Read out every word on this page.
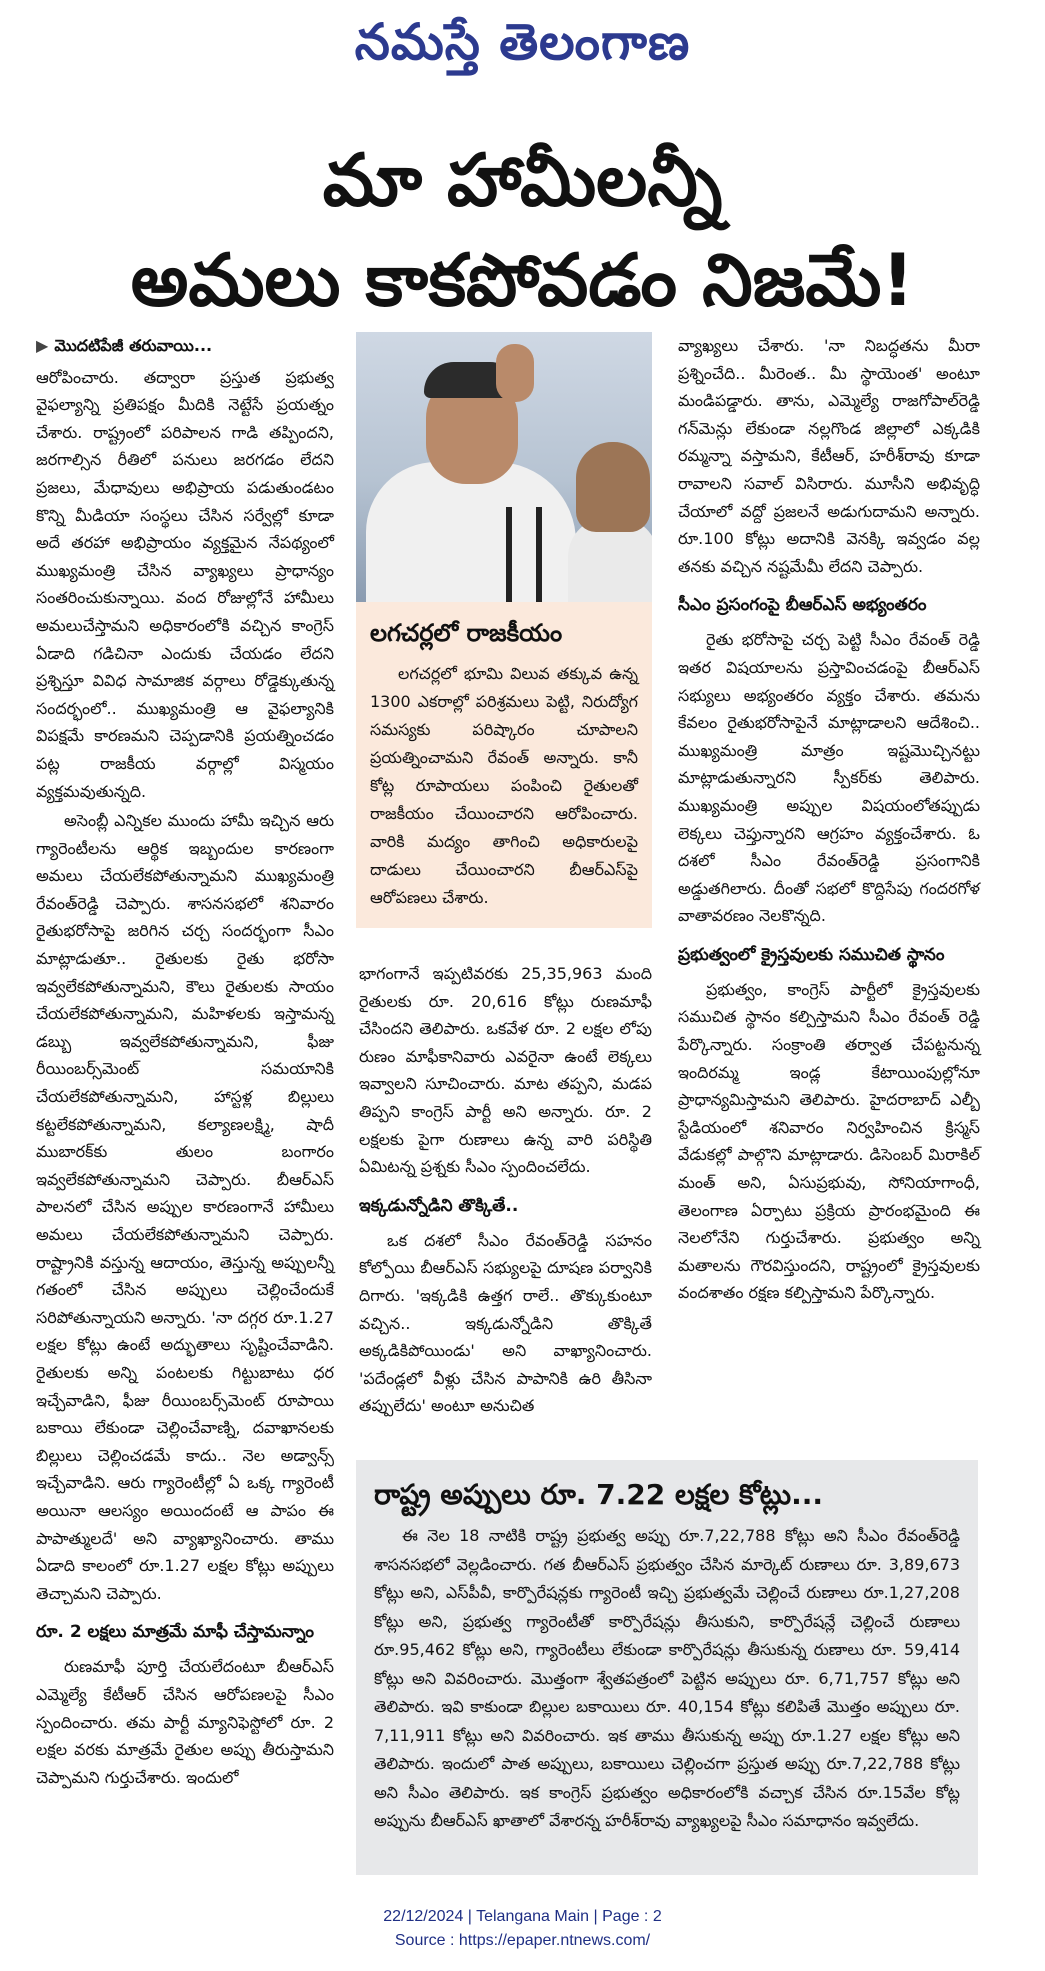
నమస్తే తెలంగాణ
మా హామీలన్నీ
అమలు కాకపోవడం నిజమే!
▶ మొదటిపేజీ తరువాయి...

ఆరోపించారు. తద్వారా ప్రస్తుత ప్రభుత్వ వైఫల్యాన్ని ప్రతిపక్షం మీదికి నెట్టేసే ప్రయత్నం చేశారు. రాష్ట్రంలో పరిపాలన గాడి తప్పిందని, జరగాల్సిన రీతిలో పనులు జరగడం లేదని ప్రజలు, మేధావులు అభిప్రాయ పడుతుండటం కొన్ని మీడియా సంస్థలు చేసిన సర్వేల్లో కూడా అదే తరహా అభిప్రాయం వ్యక్తమైన నేపథ్యంలో ముఖ్యమంత్రి చేసిన వ్యాఖ్యలు ప్రాధాన్యం సంతరించుకున్నాయి. వంద రోజుల్లోనే హామీలు అమలుచేస్తామని అధికారంలోకి వచ్చిన కాంగ్రెస్ ఏడాది గడిచినా ఎందుకు చేయడం లేదని ప్రశ్నిస్తూ వివిధ సామాజిక వర్గాలు రోడ్డెక్కుతున్న సందర్భంలో.. ముఖ్యమంత్రి ఆ వైఫల్యానికి విపక్షమే కారణమని చెప్పడానికి ప్రయత్నించడం పట్ల రాజకీయ వర్గాల్లో విస్మయం వ్యక్తమవుతున్నది.

అసెంబ్లీ ఎన్నికల ముందు హామీ ఇచ్చిన ఆరు గ్యారెంటీలను ఆర్థిక ఇబ్బందుల కారణంగా అమలు చేయలేకపోతున్నామని ముఖ్యమంత్రి రేవంత్‌రెడ్డి చెప్పారు. శాసనసభలో శనివారం రైతుభరోసాపై జరిగిన చర్చ సందర్భంగా సీఎం మాట్లాడుతూ.. రైతులకు రైతు భరోసా ఇవ్వలేకపోతున్నామని, కౌలు రైతులకు సాయం చేయలేకపోతున్నామని, మహిళలకు ఇస్తామన్న డబ్బు ఇవ్వలేకపోతున్నామని, ఫీజు రీయింబర్స్‌మెంట్ సమయానికి చేయలేకపోతున్నామని, హాస్టళ్ల బిల్లులు కట్టలేకపోతున్నామని, కల్యాణలక్ష్మి, షాదీ ముబారక్‌కు తులం బంగారం ఇవ్వలేకపోతున్నామని చెప్పారు. బీఆర్‌ఎస్ పాలనలో చేసిన అప్పుల కారణంగానే హామీలు అమలు చేయలేకపోతున్నామని చెప్పారు. రాష్ట్రానికి వస్తున్న ఆదాయం, తెస్తున్న అప్పులన్నీ గతంలో చేసిన అప్పులు చెల్లించేందుకే సరిపోతున్నాయని అన్నారు. 'నా దగ్గర రూ.1.27 లక్షల కోట్లు ఉంటే అద్భుతాలు సృష్టించేవాడిని. రైతులకు అన్ని పంటలకు గిట్టుబాటు ధర ఇచ్చేవాడిని, ఫీజు రీయింబర్స్‌మెంట్ రూపాయి బకాయి లేకుండా చెల్లించేవాణ్ని, దవాఖానలకు బిల్లులు చెల్లించడమే కాదు.. నెల అడ్వాన్స్ ఇచ్చేవాడిని. ఆరు గ్యారెంటీల్లో ఏ ఒక్క గ్యారెంటీ అయినా ఆలస్యం అయిందంటే ఆ పాపం ఈ పాపాత్ములదే' అని వ్యాఖ్యానించారు. తాము ఏడాది కాలంలో రూ.1.27 లక్షల కోట్లు అప్పులు తెచ్చామని చెప్పారు.

రూ. 2 లక్షలు మాత్రమే మాఫీ చేస్తామన్నాం

రుణమాఫీ పూర్తి చేయలేదంటూ బీఆర్‌ఎస్ ఎమ్మెల్యే కేటీఆర్ చేసిన ఆరోపణలపై సీఎం స్పందించారు. తమ పార్టీ మ్యానిఫెస్టోలో రూ. 2 లక్షల వరకు మాత్రమే రైతుల అప్పు తీరుస్తామని చెప్పామని గుర్తుచేశారు. ఇందులో

లగచర్లలో రాజకీయం

లగచర్లలో భూమి విలువ తక్కువ ఉన్న 1300 ఎకరాల్లో పరిశ్రమలు పెట్టి, నిరుద్యోగ సమస్యకు పరిష్కారం చూపాలని ప్రయత్నించామని రేవంత్ అన్నారు. కానీ కోట్ల రూపాయలు పంపించి రైతులతో రాజకీయం చేయించారని ఆరోపించారు. వారికి మద్యం తాగించి అధికారులపై దాడులు చేయించారని బీఆర్‌ఎస్‌పై ఆరోపణలు చేశారు.

భాగంగానే ఇప్పటివరకు 25,35,963 మంది రైతులకు రూ. 20,616 కోట్లు రుణమాఫీ చేసిందని తెలిపారు. ఒకవేళ రూ. 2 లక్షల లోపు రుణం మాఫీకానివారు ఎవరైనా ఉంటే లెక్కలు ఇవ్వాలని సూచించారు. మాట తప్పని, మడప తిప్పని కాంగ్రెస్ పార్టీ అని అన్నారు. రూ. 2 లక్షలకు పైగా రుణాలు ఉన్న వారి పరిస్థితి ఏమిటన్న ప్రశ్నకు సీఎం స్పందించలేదు.

ఇక్కడున్నోడిని తొక్కితే..

ఒక దశలో సీఎం రేవంత్‌రెడ్డి సహనం కోల్పోయి బీఆర్‌ఎస్ సభ్యులపై దూషణ పర్వానికి దిగారు. 'ఇక్కడికి ఉత్తగ రాలే.. తొక్కుకుంటూ వచ్చిన.. ఇక్కడున్నోడిని తొక్కితే అక్కడికిపోయిండు' అని వాఖ్యానించారు. 'పదేండ్లలో వీళ్లు చేసిన పాపానికి ఉరి తీసినా తప్పులేదు' అంటూ అనుచిత

వ్యాఖ్యలు చేశారు. 'నా నిబద్ధతను మీరా ప్రశ్నించేది.. మీరెంత.. మీ స్థాయెంత' అంటూ మండిపడ్డారు. తాను, ఎమ్మెల్యే రాజగోపాల్‌రెడ్డి గన్‌మెన్లు లేకుండా నల్లగొండ జిల్లాలో ఎక్కడికి రమ్మన్నా వస్తామని, కేటీఆర్, హరీశ్‌రావు కూడా రావాలని సవాల్ విసిరారు. మూసీని అభివృద్ధి చేయాలో వద్దో ప్రజలనే అడుగుదామని అన్నారు. రూ.100 కోట్లు అదానికి వెనక్కి ఇవ్వడం వల్ల తనకు వచ్చిన నష్టమేమీ లేదని చెప్పారు.

సీఎం ప్రసంగంపై బీఆర్‌ఎస్ అభ్యంతరం

రైతు భరోసాపై చర్చ పెట్టి సీఎం రేవంత్ రెడ్డి ఇతర విషయాలను ప్రస్తావించడంపై బీఆర్‌ఎస్ సభ్యులు అభ్యంతరం వ్యక్తం చేశారు. తమను కేవలం రైతుభరోసాపైనే మాట్లాడాలని ఆదేశించి.. ముఖ్యమంత్రి మాత్రం ఇష్టమొచ్చినట్టు మాట్లాడుతున్నారని స్పీకర్‌కు తెలిపారు. ముఖ్యమంత్రి అప్పుల విషయంలోతప్పుడు లెక్కలు చెప్తున్నారని ఆగ్రహం వ్యక్తంచేశారు. ఓ దశలో సీఎం రేవంత్‌రెడ్డి ప్రసంగానికి అడ్డుతగిలారు. దీంతో సభలో కొద్దిసేపు గందరగోళ వాతావరణం నెలకొన్నది.

ప్రభుత్వంలో క్రైస్తవులకు సముచిత స్థానం

ప్రభుత్వం, కాంగ్రెస్ పార్టీలో క్రైస్తవులకు సముచిత స్థానం కల్పిస్తామని సీఎం రేవంత్ రెడ్డి పేర్కొన్నారు. సంక్రాంతి తర్వాత చేపట్టనున్న ఇందిరమ్మ ఇండ్ల కేటాయింపుల్లోనూ ప్రాధాన్యమిస్తామని తెలిపారు. హైదరాబాద్ ఎల్బీ స్టేడియంలో శనివారం నిర్వహించిన క్రిస్మస్ వేడుకల్లో పాల్గొని మాట్లాడారు. డిసెంబర్ మిరాకిల్ మంత్ అని, ఏసుప్రభువు, సోనియాగాంధీ, తెలంగాణ ఏర్పాటు ప్రక్రియ ప్రారంభమైంది ఈ నెలలోనేని గుర్తుచేశారు. ప్రభుత్వం అన్ని మతాలను గౌరవిస్తుందని, రాష్ట్రంలో క్రైస్తవులకు వందశాతం రక్షణ కల్పిస్తామని పేర్కొన్నారు.

రాష్ట్ర అప్పులు రూ. 7.22 లక్షల కోట్లు...

ఈ నెల 18 నాటికి రాష్ట్ర ప్రభుత్వ అప్పు రూ.7,22,788 కోట్లు అని సీఎం రేవంత్‌రెడ్డి శాసనసభలో వెల్లడించారు. గత బీఆర్‌ఎస్ ప్రభుత్వం చేసిన మార్కెట్ రుణాలు రూ. 3,89,673 కోట్లు అని, ఎస్‌పీవీ, కార్పొరేషన్లకు గ్యారెంటీ ఇచ్చి ప్రభుత్వమే చెల్లించే రుణాలు రూ.1,27,208 కోట్లు అని, ప్రభుత్వ గ్యారెంటీతో కార్పొరేషన్లు తీసుకుని, కార్పొరేషన్లే చెల్లించే రుణాలు రూ.95,462 కోట్లు అని, గ్యారెంటీలు లేకుండా కార్పొరేషన్లు తీసుకున్న రుణాలు రూ. 59,414 కోట్లు అని వివరించారు. మొత్తంగా శ్వేతపత్రంలో పెట్టిన అప్పులు రూ. 6,71,757 కోట్లు అని తెలిపారు. ఇవి కాకుండా బిల్లుల బకాయిలు రూ. 40,154 కోట్లు కలిపితే మొత్తం అప్పులు రూ. 7,11,911 కోట్లు అని వివరించారు. ఇక తాము తీసుకున్న అప్పు రూ.1.27 లక్షల కోట్లు అని తెలిపారు. ఇందులో పాత అప్పులు, బకాయిలు చెల్లించగా ప్రస్తుత అప్పు రూ.7,22,788 కోట్లు అని సీఎం తెలిపారు. ఇక కాంగ్రెస్ ప్రభుత్వం అధికారంలోకి వచ్చాక చేసిన రూ.15వేల కోట్ల అప్పును బీఆర్‌ఎస్ ఖాతాలో వేశారన్న హరీశ్‌రావు వ్యాఖ్యలపై సీఎం సమాధానం ఇవ్వలేదు.

22/12/2024 | Telangana Main | Page : 2
Source : https://epaper.ntnews.com/
